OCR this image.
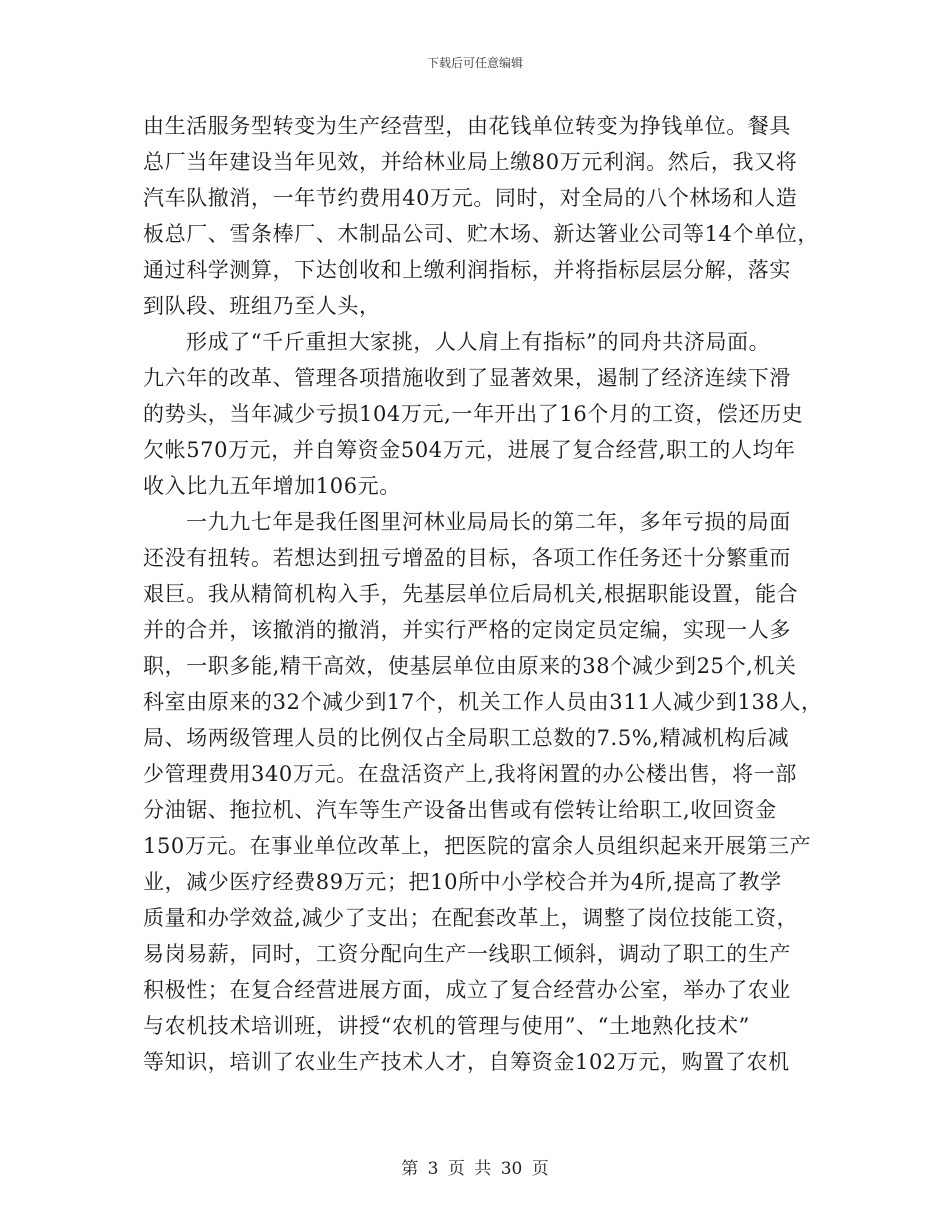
下载后可任意编辑
由生活服务型转变为生产经营型，由花钱单位转变为挣钱单位。餐具
总厂当年建设当年见效，并给林业局上缴80万元利润。然后，我又将
汽车队撤消，一年节约费用40万元。同时，对全局的八个林场和人造
板总厂、雪条棒厂、木制品公司、贮木场、新达箸业公司等14个单位，
通过科学测算，下达创收和上缴利润指标，并将指标层层分解，落实
到队段、班组乃至人头，
形成了“千斤重担大家挑，人人肩上有指标”的同舟共济局面。
九六年的改革、管理各项措施收到了显著效果，遏制了经济连续下滑
的势头，当年减少亏损104万元,一年开出了16个月的工资，偿还历史
欠帐570万元，并自筹资金504万元，进展了复合经营,职工的人均年
收入比九五年增加106元。
一九九七年是我任图里河林业局局长的第二年，多年亏损的局面
还没有扭转。若想达到扭亏增盈的目标，各项工作任务还十分繁重而
艰巨。我从精简机构入手，先基层单位后局机关,根据职能设置，能合
并的合并，该撤消的撤消，并实行严格的定岗定员定编，实现一人多
职，一职多能,精干高效，使基层单位由原来的38个减少到25个,机关
科室由原来的32个减少到17个，机关工作人员由311人减少到138人，
局、场两级管理人员的比例仅占全局职工总数的7.5%,精减机构后减
少管理费用340万元。在盘活资产上,我将闲置的办公楼出售，将一部
分油锯、拖拉机、汽车等生产设备出售或有偿转让给职工,收回资金
150万元。在事业单位改革上，把医院的富余人员组织起来开展第三产
业，减少医疗经费89万元；把10所中小学校合并为4所,提高了教学
质量和办学效益,减少了支出；在配套改革上，调整了岗位技能工资，
易岗易薪，同时，工资分配向生产一线职工倾斜，调动了职工的生产
积极性；在复合经营进展方面，成立了复合经营办公室，举办了农业
与农机技术培训班，讲授“农机的管理与使用”、“土地熟化技术”
等知识，培训了农业生产技术人才，自筹资金102万元，购置了农机
第 3 页 共 30 页
